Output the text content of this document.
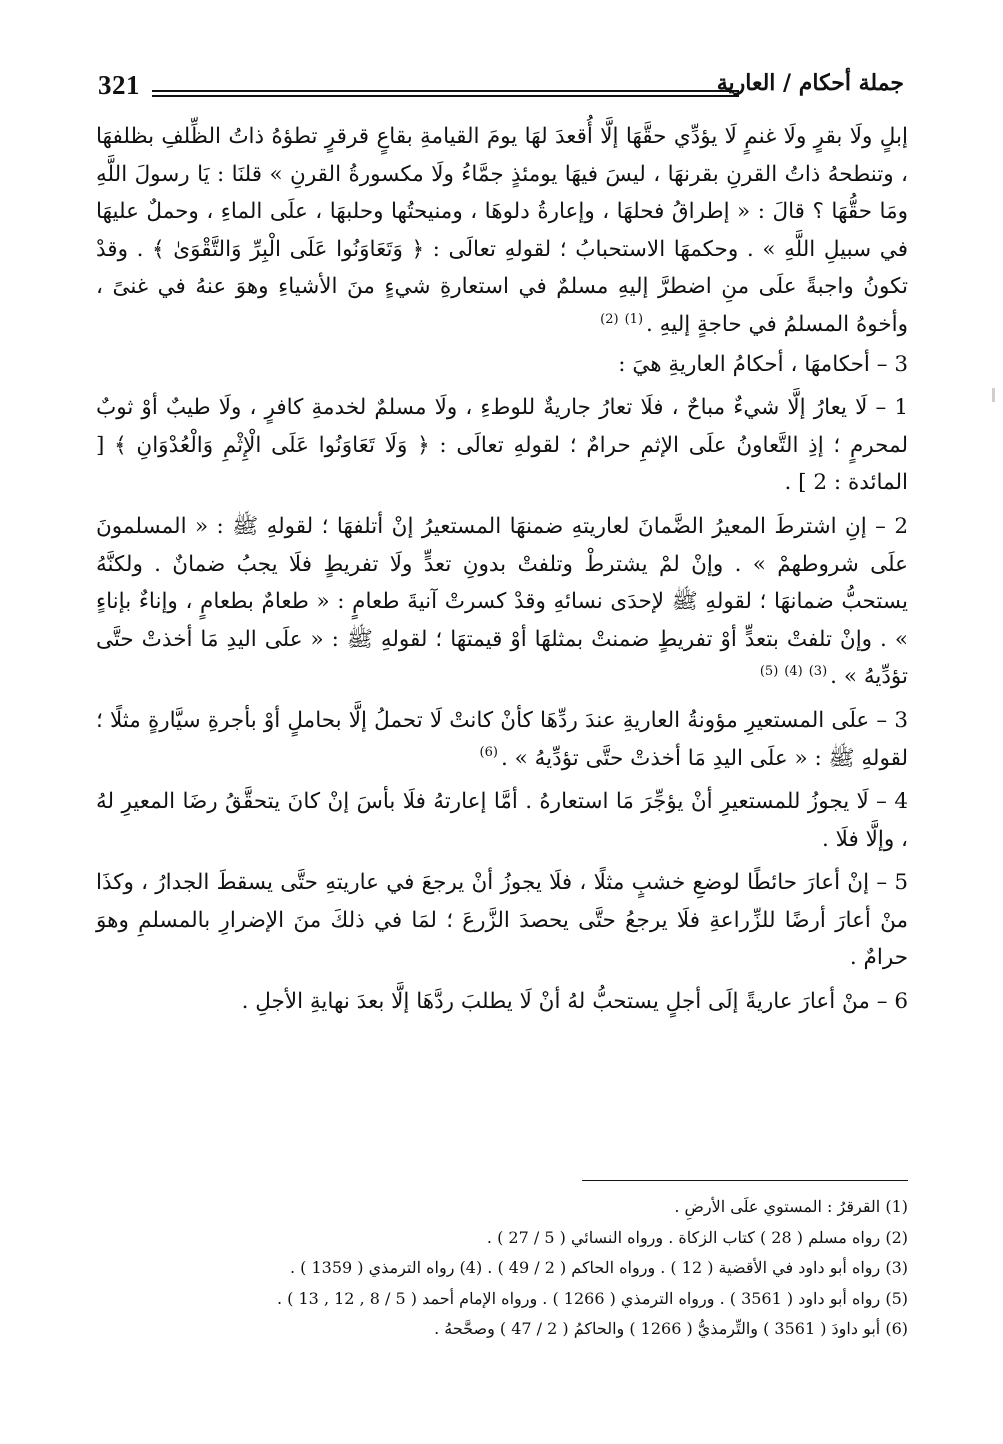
321	جملة أحكام / العارية

إبلٍ ولَا بقرٍ ولَا غنمٍ لَا يؤدِّي حقَّهَا إلَّا أُقعدَ لهَا يومَ القيامةِ بقاعٍ قرقرٍ تطؤهُ ذاتُ الظِّلفِ بظلفهَا ، وتنطحهُ ذاتُ القرنِ بقرنهَا ، ليسَ فيهَا يومئذٍ جمَّاءُ ولَا مكسورةُ القرنِ » قلنَا : يَا رسولَ اللَّهِ ومَا حقُّهَا ؟ قالَ : « إطراقُ فحلهَا ، وإعارةُ دلوهَا ، ومنيحتُها وحلبهَا ، علَى الماءِ ، وحملٌ عليهَا في سبيلِ اللَّهِ » . وحكمهَا الاستحبابُ ؛ لقولهِ تعالَى : ﴿ وَتَعَاوَنُوا عَلَى الْبِرِّ وَالتَّقْوَىٰ ﴾ . وقدْ تكونُ واجبةً علَى منِ اضطرَّ إليهِ مسلمٌ في استعارةِ شيءٍ منَ الأشياءِ وهوَ عنهُ في غنىً ، وأخوهُ المسلمُ في حاجةٍ إليهِ .$^{(1)(2)}$

3 – أحكامهَا ، أحكامُ العاريةِ هيَ :

1 – لَا يعارُ إلَّا شيءٌ مباحٌ ، فلَا تعارُ جاريةٌ للوطءِ ، ولَا مسلمٌ لخدمةِ كافرٍ ، ولَا طيبٌ أوْ ثوبٌ لمحرمٍ ؛ إذِ التَّعاونُ علَى الإثمِ حرامٌ ؛ لقولهِ تعالَى : ﴿ وَلَا تَعَاوَنُوا عَلَى الْإِثْمِ وَالْعُدْوَانِ ﴾ [ المائدة : 2 ] .

2 – إنِ اشترطَ المعيرُ الضَّمانَ لعاريتهِ ضمنهَا المستعيرُ إنْ أتلفهَا ؛ لقولهِ ﷺ : « المسلمونَ علَى شروطهمْ » . وإنْ لمْ يشترطْ وتلفتْ بدونِ تعدٍّ ولَا تفريطٍ فلَا يجبُ ضمانٌ . ولكنَّهُ يستحبُّ ضمانهَا ؛ لقولهِ ﷺ لإحدَى نسائهِ وقدْ كسرتْ آنيةَ طعامٍ : « طعامٌ بطعامٍ ، وإناءٌ بإناءٍ » . وإنْ تلفتْ بتعدٍّ أوْ تفريطٍ ضمنتْ بمثلهَا أوْ قيمتهَا ؛ لقولهِ ﷺ : « علَى اليدِ مَا أخذتْ حتَّى تؤدِّيهُ » .$^{(3)(4)(5)}$

3 – علَى المستعيرِ مؤونةُ العاريةِ عندَ ردِّهَا كأنْ كانتْ لَا تحملُ إلَّا بحاملٍ أوْ بأجرةِ سيَّارةٍ مثلًا ؛ لقولهِ ﷺ : « علَى اليدِ مَا أخذتْ حتَّى تؤدِّيهُ » .$^{(6)}$

4 – لَا يجوزُ للمستعيرِ أنْ يؤجِّرَ مَا استعارهُ . أمَّا إعارتهُ فلَا بأسَ إنْ كانَ يتحقَّقُ رضَا المعيرِ لهُ ، وإلَّا فلَا .

5 – إنْ أعارَ حائطًا لوضعِ خشبٍ مثلًا ، فلَا يجوزُ أنْ يرجعَ في عاريتهِ حتَّى يسقطَ الجدارُ ، وكذَا منْ أعارَ أرضًا للزِّراعةِ فلَا يرجعُ حتَّى يحصدَ الزَّرعَ ؛ لمَا في ذلكَ منَ الإضرارِ بالمسلمِ وهوَ حرامٌ .

6 – منْ أعارَ عاريةً إلَى أجلٍ يستحبُّ لهُ أنْ لَا يطلبَ ردَّهَا إلَّا بعدَ نهايةِ الأجلِ .

(1) القرقرُ : المستوي علَى الأرضِ .

(2) رواه مسلم ( 28 ) كتاب الزكاة . ورواه النسائي ( 5 / 27 ) .

(3) رواه أبو داود في الأقضية ( 12 ) . ورواه الحاكم ( 2 / 49 ) . (4) رواه الترمذي ( 1359 ) .

(5) رواه أبو داود ( 3561 ) . ورواه الترمذي ( 1266 ) . ورواه الإمام أحمد ( 5 / 8 , 12 , 13 ) .

(6) أبو داودَ ( 3561 ) والتِّرمذيُّ ( 1266 ) والحاكمُ ( 2 / 47 ) وصحَّحهُ .
